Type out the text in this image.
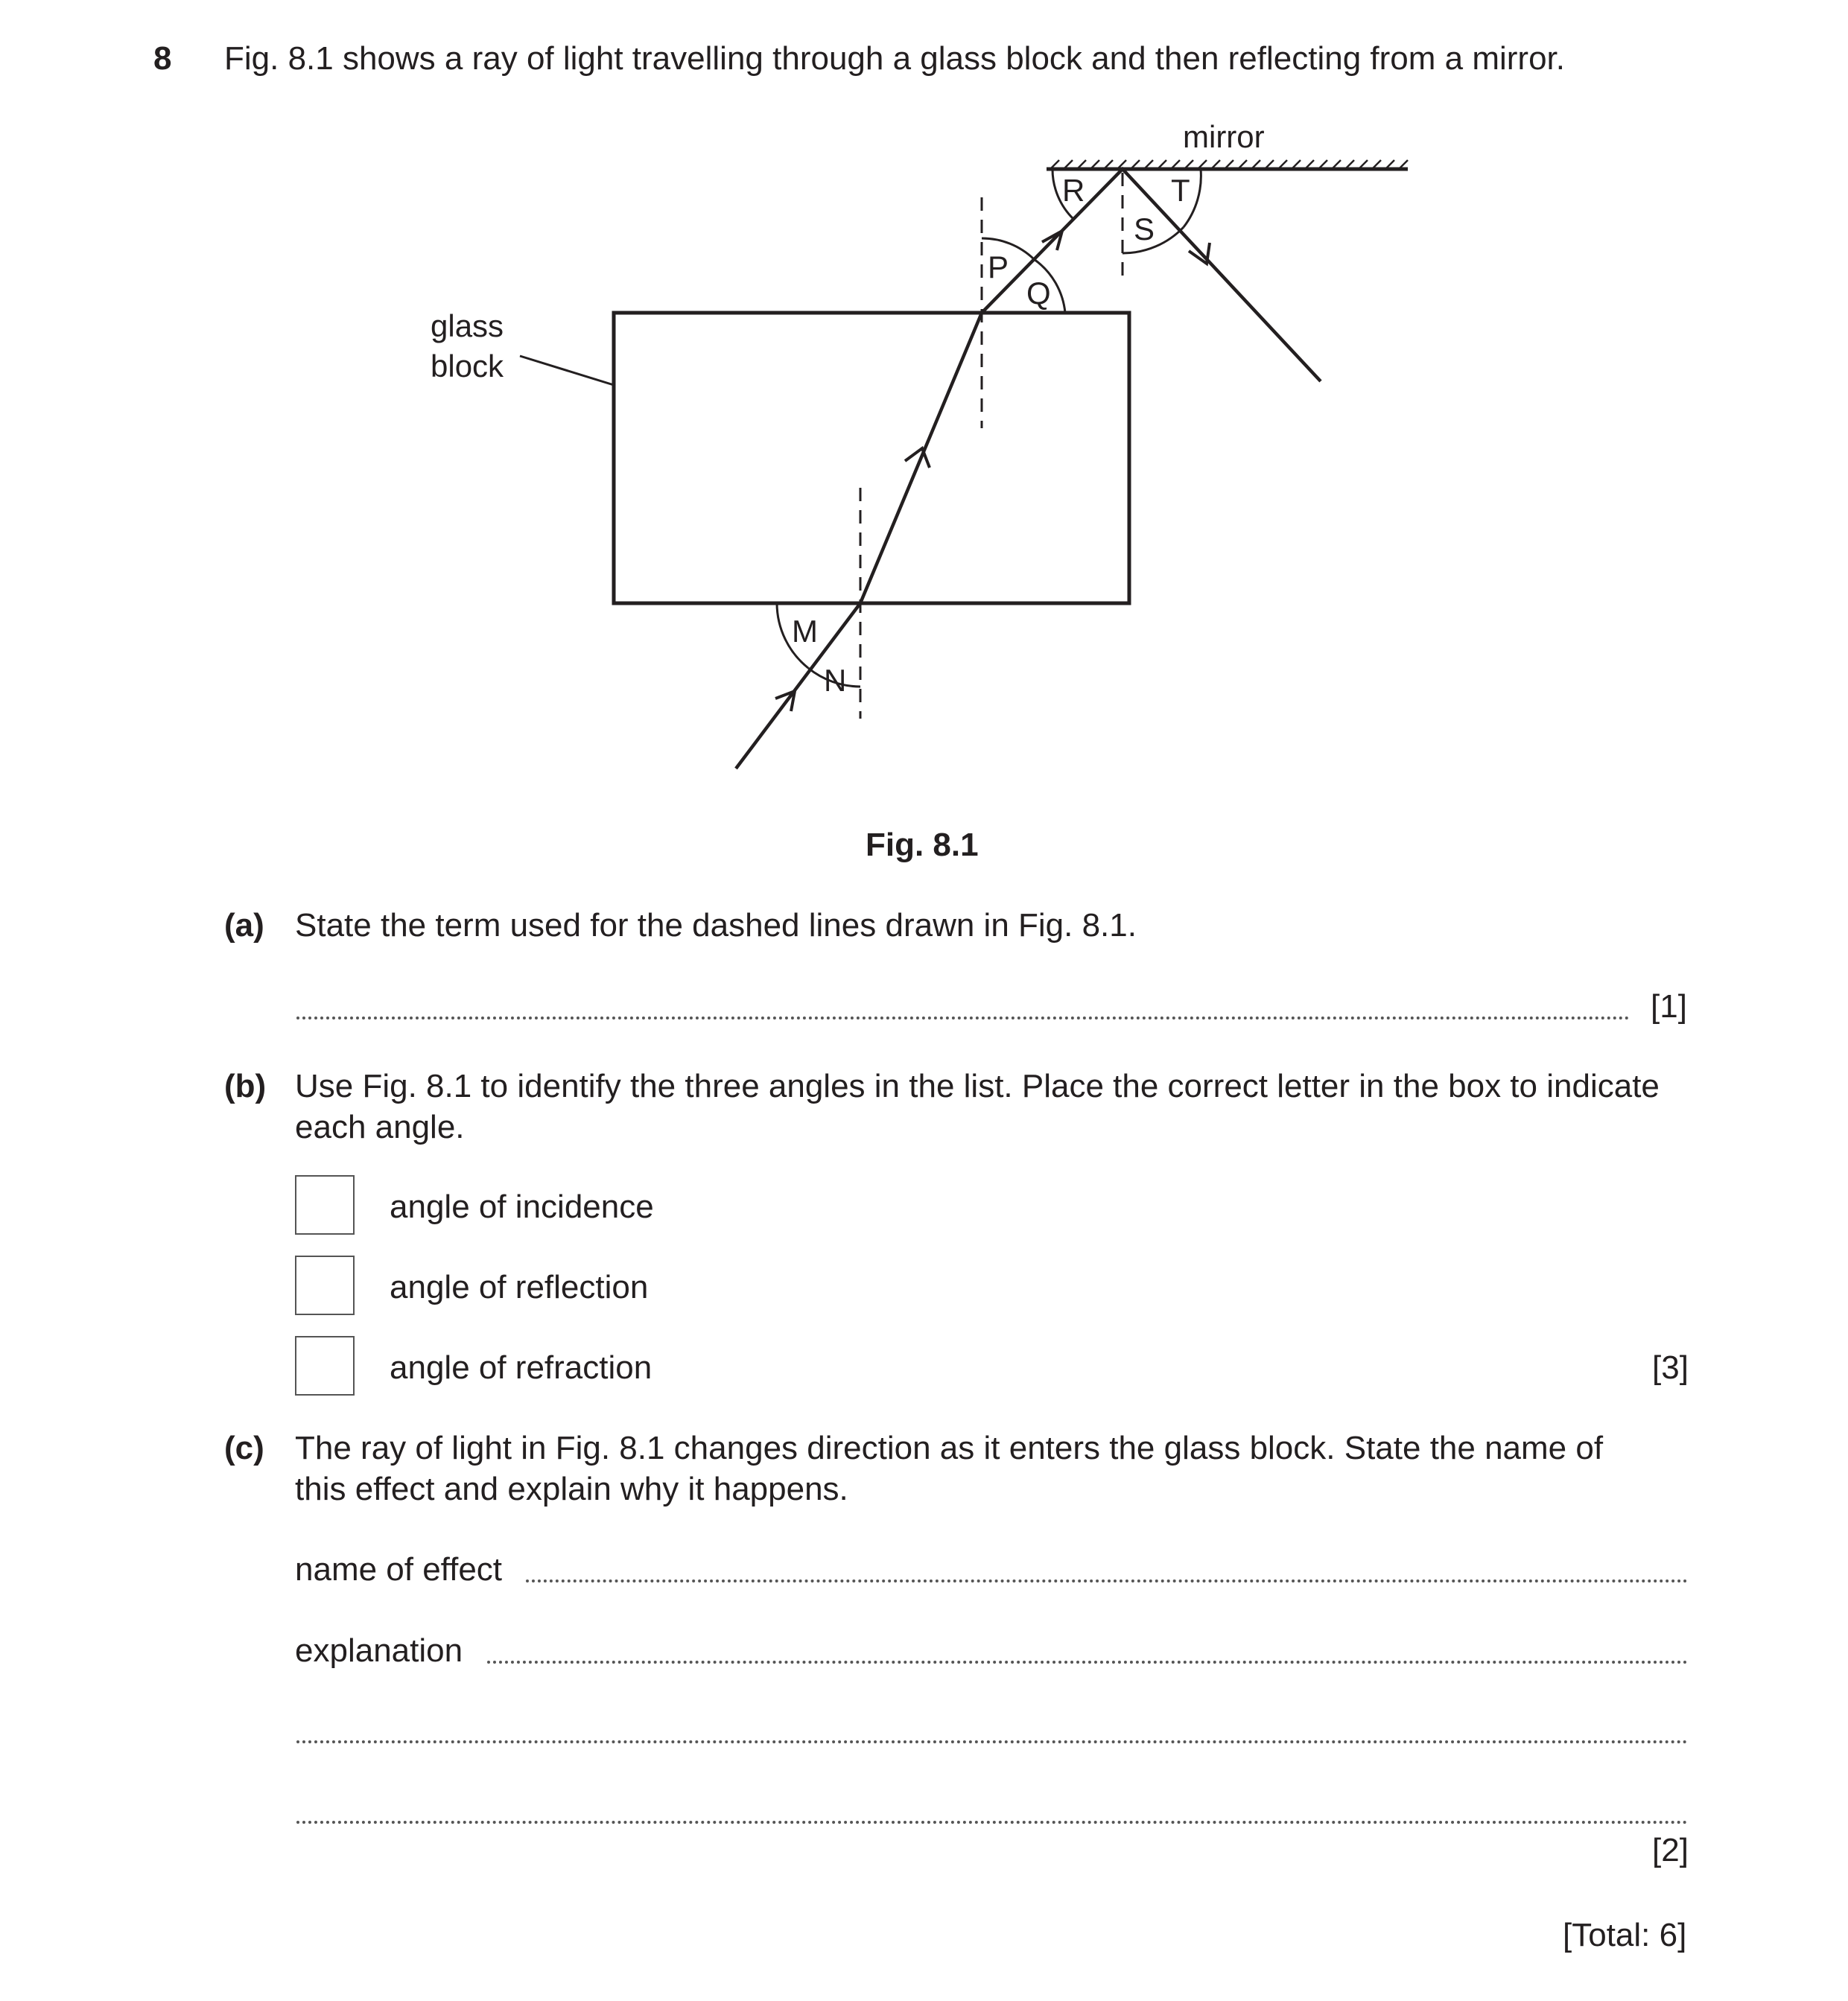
8 Fig. 8.1 shows a ray of light travelling through a glass block and then reflecting from a mirror.
mirror
glass
block
M
N
P
Q
R
S
T
Fig. 8.1
(a) State the term used for the dashed lines drawn in Fig. 8.1.
[1]
(b) Use Fig. 8.1 to identify the three angles in the list. Place the correct letter in the box to indicate
each angle.
angle of incidence
angle of reflection
angle of refraction	[3]
(c) The ray of light in Fig. 8.1 changes direction as it enters the glass block. State the name of
this effect and explain why it happens.
name of effect
explanation
[2]
[Total: 6]
